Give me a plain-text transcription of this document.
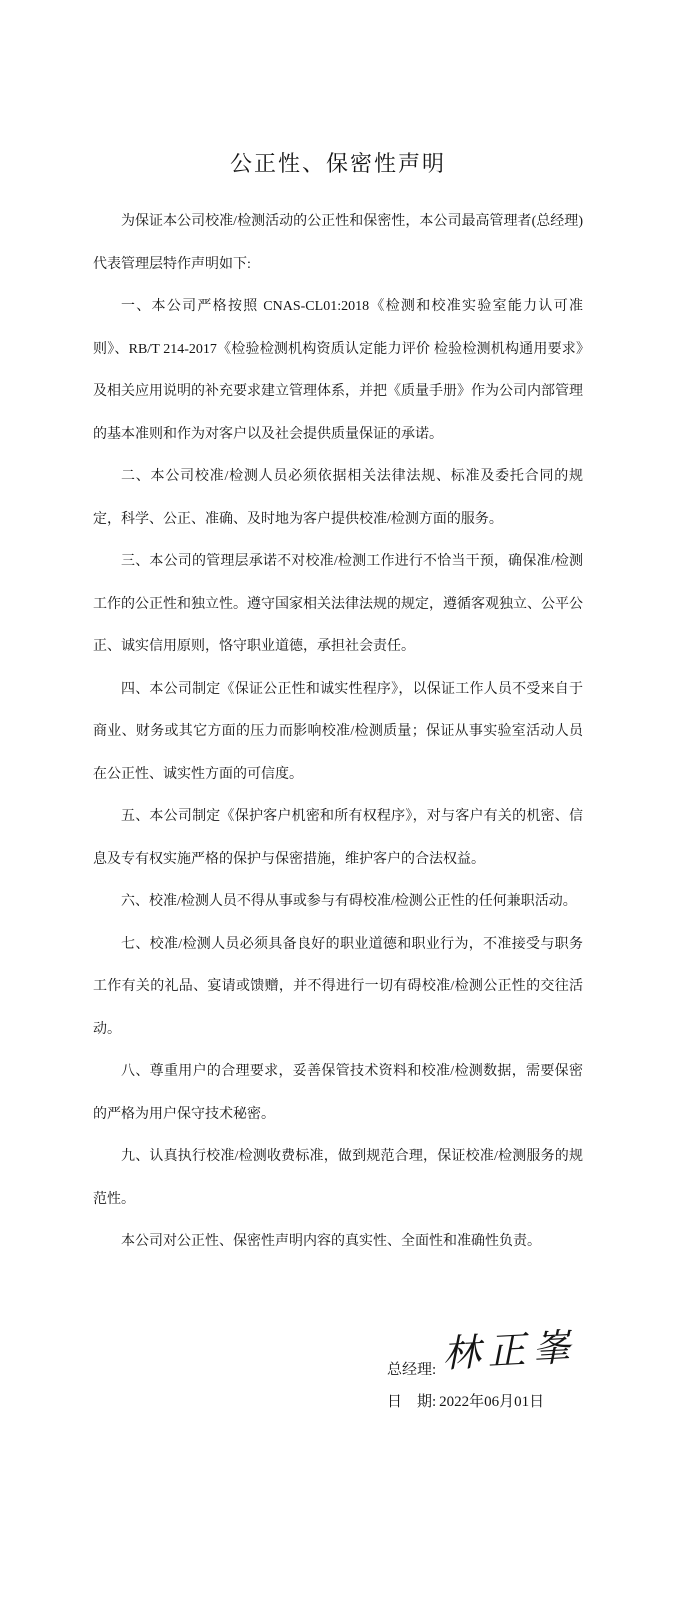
公正性、保密性声明

为保证本公司校准/检测活动的公正性和保密性，本公司最高管理者(总经理)代表管理层特作声明如下:

一、本公司严格按照 CNAS-CL01:2018《检测和校准实验室能力认可准则》、RB/T 214-2017《检验检测机构资质认定能力评价 检验检测机构通用要求》及相关应用说明的补充要求建立管理体系，并把《质量手册》作为公司内部管理的基本准则和作为对客户以及社会提供质量保证的承诺。

二、本公司校准/检测人员必须依据相关法律法规、标准及委托合同的规定，科学、公正、准确、及时地为客户提供校准/检测方面的服务。

三、本公司的管理层承诺不对校准/检测工作进行不恰当干预，确保准/检测工作的公正性和独立性。遵守国家相关法律法规的规定，遵循客观独立、公平公正、诚实信用原则，恪守职业道德，承担社会责任。

四、本公司制定《保证公正性和诚实性程序》，以保证工作人员不受来自于商业、财务或其它方面的压力而影响校准/检测质量；保证从事实验室活动人员在公正性、诚实性方面的可信度。

五、本公司制定《保护客户机密和所有权程序》，对与客户有关的机密、信息及专有权实施严格的保护与保密措施，维护客户的合法权益。

六、校准/检测人员不得从事或参与有碍校准/检测公正性的任何兼职活动。

七、校准/检测人员必须具备良好的职业道德和职业行为，不准接受与职务工作有关的礼品、宴请或馈赠，并不得进行一切有碍校准/检测公正性的交往活动。

八、尊重用户的合理要求，妥善保管技术资料和校准/检测数据，需要保密的严格为用户保守技术秘密。

九、认真执行校准/检测收费标准，做到规范合理，保证校准/检测服务的规范性。

本公司对公正性、保密性声明内容的真实性、全面性和准确性负责。

总经理: 林正峯
日　期: 2022年06月01日
